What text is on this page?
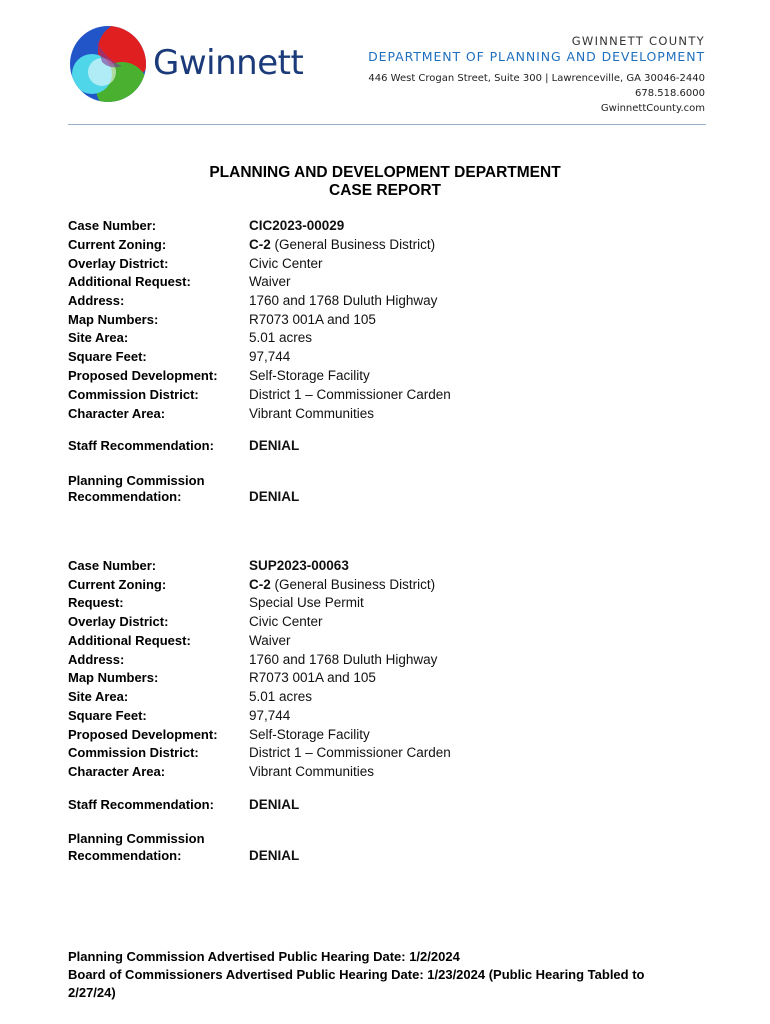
Gwinnett
GWINNETT COUNTY
DEPARTMENT OF PLANNING AND DEVELOPMENT
446 West Crogan Street, Suite 300 | Lawrenceville, GA 30046-2440
678.518.6000
GwinnettCounty.com
PLANNING AND DEVELOPMENT DEPARTMENT
CASE REPORT
Case Number:	CIC2023-00029
Current Zoning:	C-2 (General Business District)
Overlay District:	Civic Center
Additional Request:	Waiver
Address:	1760 and 1768 Duluth Highway
Map Numbers:	R7073 001A and 105
Site Area:	5.01 acres
Square Feet:	97,744
Proposed Development: Self-Storage Facility
Commission District:	District 1 – Commissioner Carden
Character Area:	Vibrant Communities
Staff Recommendation:	DENIAL
Planning Commission
Recommendation:	DENIAL
Case Number:	SUP2023-00063
Current Zoning:	C-2 (General Business District)
Request:	Special Use Permit
Overlay District:	Civic Center
Additional Request:	Waiver
Address:	1760 and 1768 Duluth Highway
Map Numbers:	R7073 001A and 105
Site Area:	5.01 acres
Square Feet:	97,744
Proposed Development: Self-Storage Facility
Commission District:	District 1 – Commissioner Carden
Character Area:	Vibrant Communities
Staff Recommendation:	DENIAL
Planning Commission
Recommendation:	DENIAL
Planning Commission Advertised Public Hearing Date: 1/2/2024
Board of Commissioners Advertised Public Hearing Date: 1/23/2024 (Public Hearing Tabled to 2/27/24)
